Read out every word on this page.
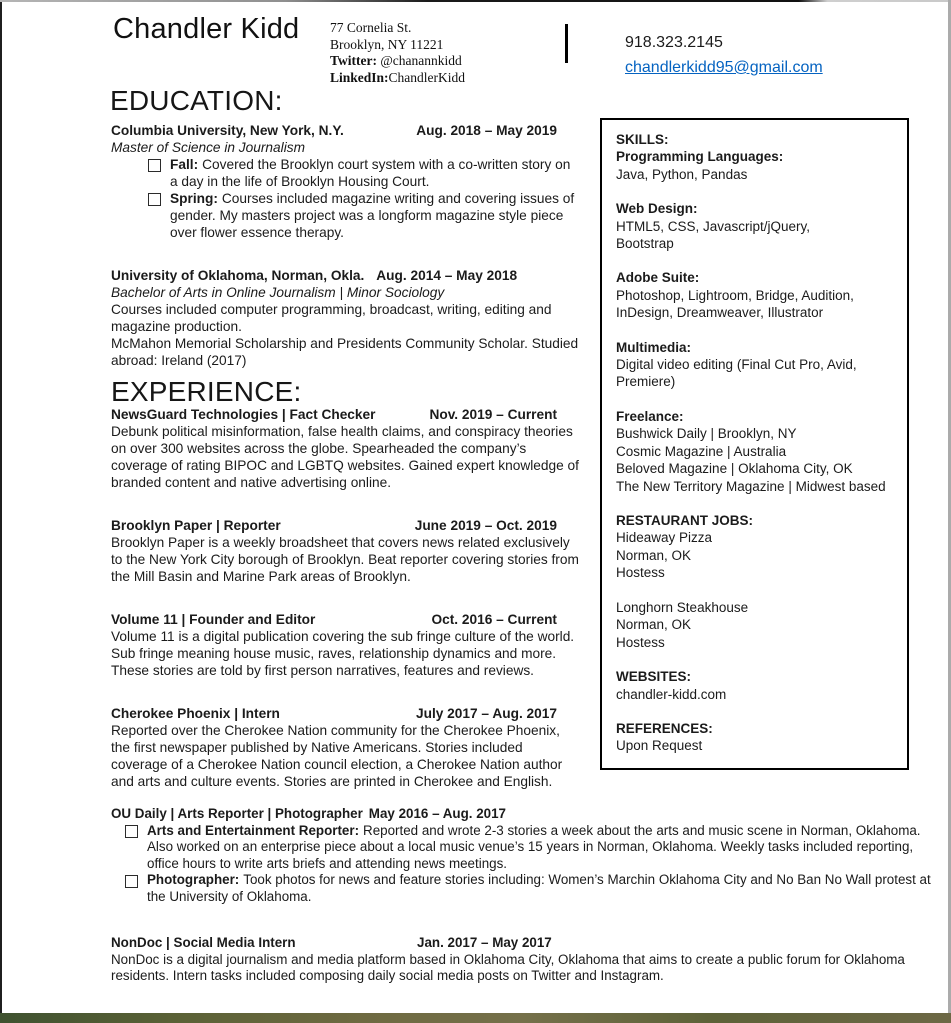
Chandler Kidd 77 Cornelia St.
Brooklyn, NY 11221
Twitter: @chanannkidd
LinkedIn:ChandlerKidd
918.323.2145
chandlerkidd95@gmail.com
EDUCATION:
Columbia University, New York, N.Y.	Aug. 2018 – May 2019
Master of Science in Journalism
Fall: Covered the Brooklyn court system with a co-written story on a day in the life of Brooklyn Housing Court.
Spring: Courses included magazine writing and covering issues of gender. My masters project was a longform magazine style piece over flower essence therapy.
University of Oklahoma, Norman, Okla. Aug. 2014 – May 2018
Bachelor of Arts in Online Journalism | Minor Sociology
Courses included computer programming, broadcast, writing, editing and magazine production.
McMahon Memorial Scholarship and Presidents Community Scholar. Studied abroad: Ireland (2017)
EXPERIENCE:
NewsGuard Technologies | Fact Checker	Nov. 2019 – Current
Debunk political misinformation, false health claims, and conspiracy theories on over 300 websites across the globe. Spearheaded the company’s coverage of rating BIPOC and LGBTQ websites. Gained expert knowledge of branded content and native advertising online.
Brooklyn Paper | Reporter	June 2019 – Oct. 2019
Brooklyn Paper is a weekly broadsheet that covers news related exclusively to the New York City borough of Brooklyn. Beat reporter covering stories from the Mill Basin and Marine Park areas of Brooklyn.
Volume 11 | Founder and Editor	Oct. 2016 – Current
Volume 11 is a digital publication covering the sub fringe culture of the world. Sub fringe meaning house music, raves, relationship dynamics and more. These stories are told by first person narratives, features and reviews.
Cherokee Phoenix | Intern	July 2017 – Aug. 2017
Reported over the Cherokee Nation community for the Cherokee Phoenix, the first newspaper published by Native Americans. Stories included coverage of a Cherokee Nation council election, a Cherokee Nation author and arts and culture events. Stories are printed in Cherokee and English.
SKILLS:
Programming Languages:
Java, Python, Pandas
Web Design:
HTML5, CSS, Javascript/jQuery,
Bootstrap
Adobe Suite:
Photoshop, Lightroom, Bridge, Audition,
InDesign, Dreamweaver, Illustrator
Multimedia:
Digital video editing (Final Cut Pro, Avid,
Premiere)
Freelance:
Bushwick Daily | Brooklyn, NY
Cosmic Magazine | Australia
Beloved Magazine | Oklahoma City, OK
The New Territory Magazine | Midwest based
RESTAURANT JOBS:
Hideaway Pizza
Norman, OK
Hostess
Longhorn Steakhouse
Norman, OK
Hostess
WEBSITES:
chandler-kidd.com
REFERENCES:
Upon Request
OU Daily | Arts Reporter | Photographer May 2016 – Aug. 2017
Arts and Entertainment Reporter: Reported and wrote 2-3 stories a week about the arts and music scene in Norman, Oklahoma. Also worked on an enterprise piece about a local music venue’s 15 years in Norman, Oklahoma. Weekly tasks included reporting, office hours to write arts briefs and attending news meetings.
Photographer: Took photos for news and feature stories including: Women’s Marchin Oklahoma City and No Ban No Wall protest at the University of Oklahoma.
NonDoc | Social Media Intern	Jan. 2017 – May 2017
NonDoc is a digital journalism and media platform based in Oklahoma City, Oklahoma that aims to create a public forum for Oklahoma residents. Intern tasks included composing daily social media posts on Twitter and Instagram.
